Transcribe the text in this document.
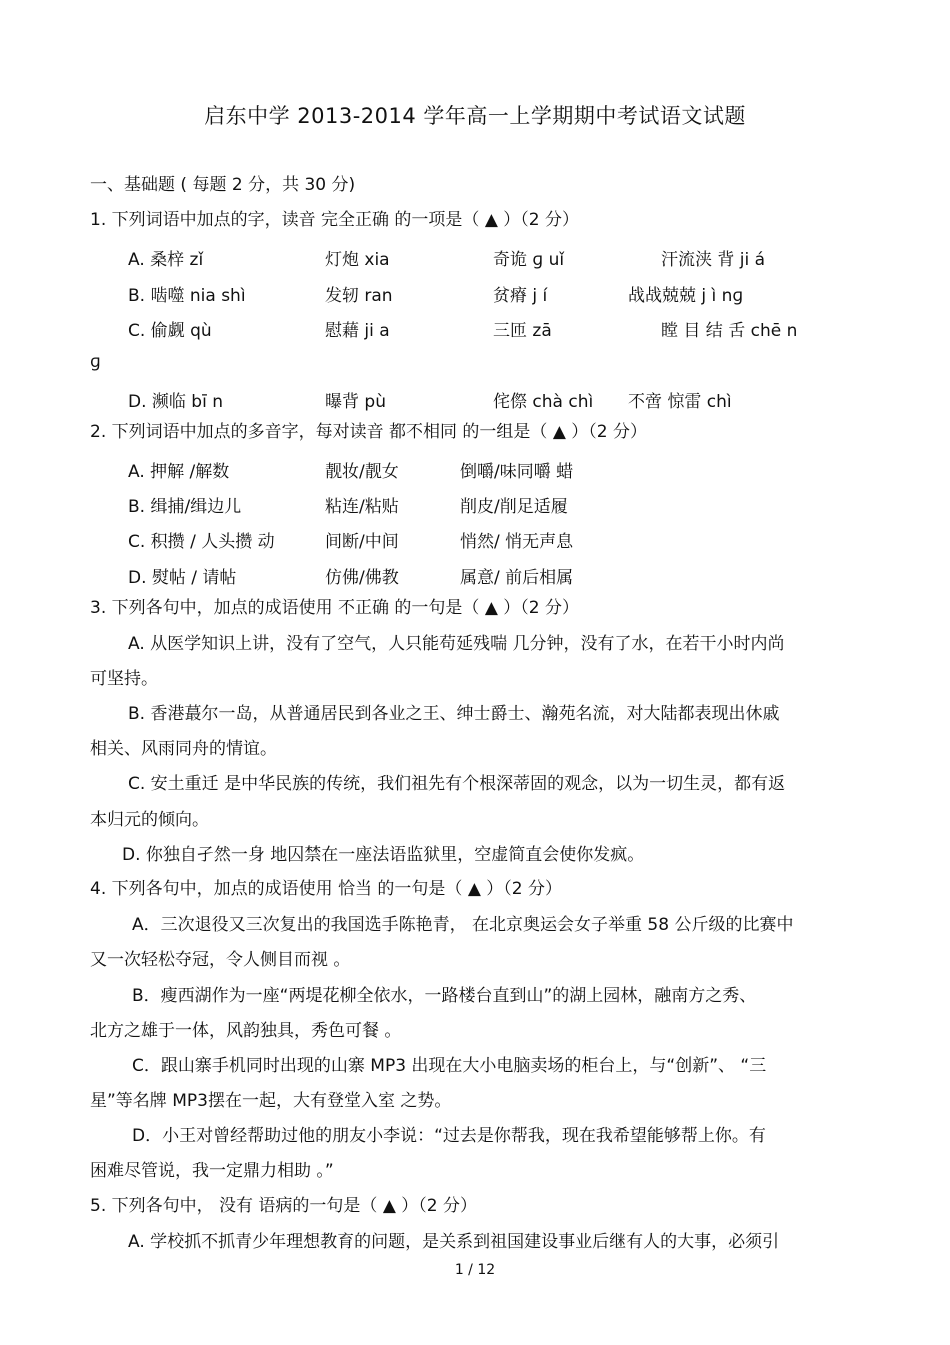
启东中学 2013-2014 学年高一上学期期中考试语文试题
一、基础题 ( 每题 2 分，共 30 分)
1. 下列词语中加点的字，读音 完全正确 的一项是（ ▲ ）（2 分）
A. 桑梓 zǐ	灯炮 xia	奇诡 ɡ uǐ	汗流浃 背 ji á
B. 啮噬 nia shì	发轫 ran	贫瘠 j í	战战兢兢 j ì nɡ
C. 偷觑 qù	慰藉 ji a	三匝 zā	瞠 目 结 舌 chē n
ɡ
D. 濒临 bī n	曝背 pù	侘傺 chà chì 不啻 惊雷 chì
2. 下列词语中加点的多音字，每对读音 都不相同 的一组是（ ▲ ）（2 分）
A. 押解 /解数	靓妆/靓女	倒嚼/味同嚼 蜡
B. 缉捕/缉边儿	粘连/粘贴	削皮/削足适履
C. 积攒 / 人头攒 动	间断/中间	悄然/ 悄无声息
D. 熨帖 / 请帖	仿佛/佛教	属意/ 前后相属
3. 下列各句中，加点的成语使用 不正确 的一句是（ ▲ ）（2 分）
A. 从医学知识上讲，没有了空气，人只能苟延残喘 几分钟，没有了水，在若干小时内尚
可坚持。
B. 香港蕞尔一岛，从普通居民到各业之王、绅士爵士、瀚苑名流，对大陆都表现出休戚
相关、风雨同舟的情谊。
C. 安土重迁 是中华民族的传统，我们祖先有个根深蒂固的观念，以为一切生灵，都有返
本归元的倾向。
D. 你独自孑然一身 地囚禁在一座法语监狱里，空虚简直会使你发疯。
4. 下列各句中，加点的成语使用 恰当 的一句是（ ▲ ）（2 分）
A．三次退役又三次复出的我国选手陈艳青， 在北京奥运会女子举重 58 公斤级的比赛中
又一次轻松夺冠，令人侧目而视 。
B．瘦西湖作为一座“两堤花柳全依水，一路楼台直到山”的湖上园林，融南方之秀、
北方之雄于一体，风韵独具，秀色可餐 。
C．跟山寨手机同时出现的山寨 MP3 出现在大小电脑卖场的柜台上，与“创新”、 “三
星”等名牌 MP3摆在一起，大有登堂入室 之势。
D．小王对曾经帮助过他的朋友小李说：“过去是你帮我，现在我希望能够帮上你。有
困难尽管说，我一定鼎力相助 。”
5. 下列各句中， 没有 语病的一句是（ ▲ ）（2 分）
A. 学校抓不抓青少年理想教育的问题，是关系到祖国建设事业后继有人的大事，必须引
1 / 12
